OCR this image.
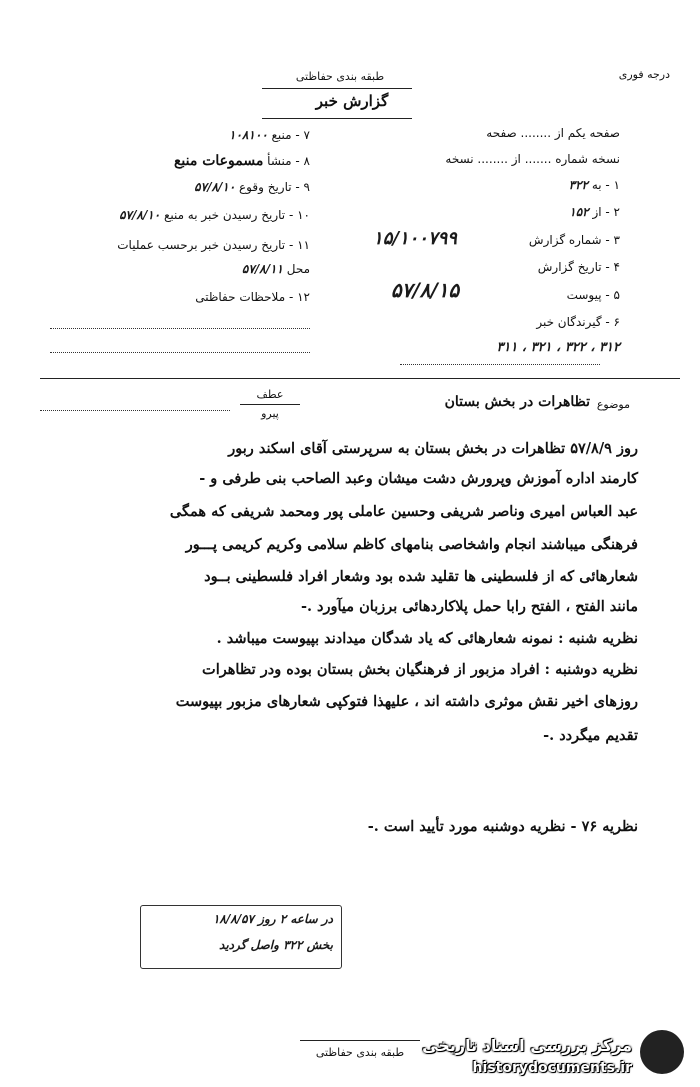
طبقه بندی حفاظتی
گزارش خبر
درجه فوری
۷ - منبع ۱۰۸۱۰۰
۸ - منشأ مسموعات منبع
۹ - تاریخ وقوع ۵۷/۸/۱۰
۱۰ - تاریخ رسیدن خبر به منبع ۵۷/۸/۱۰
۱۱ - تاریخ رسیدن خبر برحسب عملیات
محل ۵۷/۸/۱۱
۱۲ - ملاحظات حفاظتی
صفحه یکم از ........ صفحه
نسخه شماره ....... از ........ نسخه
۱ - به ۳۲۲
۲ - از ۱۵۲
۳ - شماره گزارش
۱۵/۱۰۰۷۹۹
۴ - تاریخ گزارش
۵ - پیوست
۵۷/۸/۱۵
۶ - گیرندگان خبر
۳۱۱ ، ۳۲۱ ، ۳۲۲ ، ۳۱۲
موضوع
تظاهرات در بخش بستان
عطف
پیرو
روز ۵۷/۸/۹ تظاهرات در بخش بستان به سرپرستی آقای اسکند ربور
کارمند اداره آموزش وپرورش دشت میشان وعبد الصاحب بنی طرفی و -
عبد العباس امیری وناصر شریفی وحسین عاملی پور ومحمد شریفی که همگی
فرهنگی میباشند انجام واشخاصی بنامهای کاظم سلامی وکریم کریمی پـــور
شعارهائی که از فلسطینی ها تقلید شده بود وشعار افراد فلسطینی بــود
مانند الفتح ، الفتح رابا حمل پلاکاردهائی برزبان میآورد .-
نظریه شنبه : نمونه شعارهائی که یاد شدگان میدادند بپیوست میباشد .
نظریه دوشنبه : افراد مزبور از فرهنگیان بخش بستان بوده ودر تظاهرات
روزهای اخیر نقش موثری داشته اند ، علیهذا فتوکپی شعارهای مزبور بپیوست
تقدیم میگردد .-
نظریه ۷۶ - نظریه دوشنبه مورد تأیید است .-
در ساعه ۲ روز ۱۸/۸/۵۷
بخش ۳۲۲ واصل گردید
طبقه بندی حفاظتی	مرکز بررسی اسناد تاریخی
historydocuments.ir
